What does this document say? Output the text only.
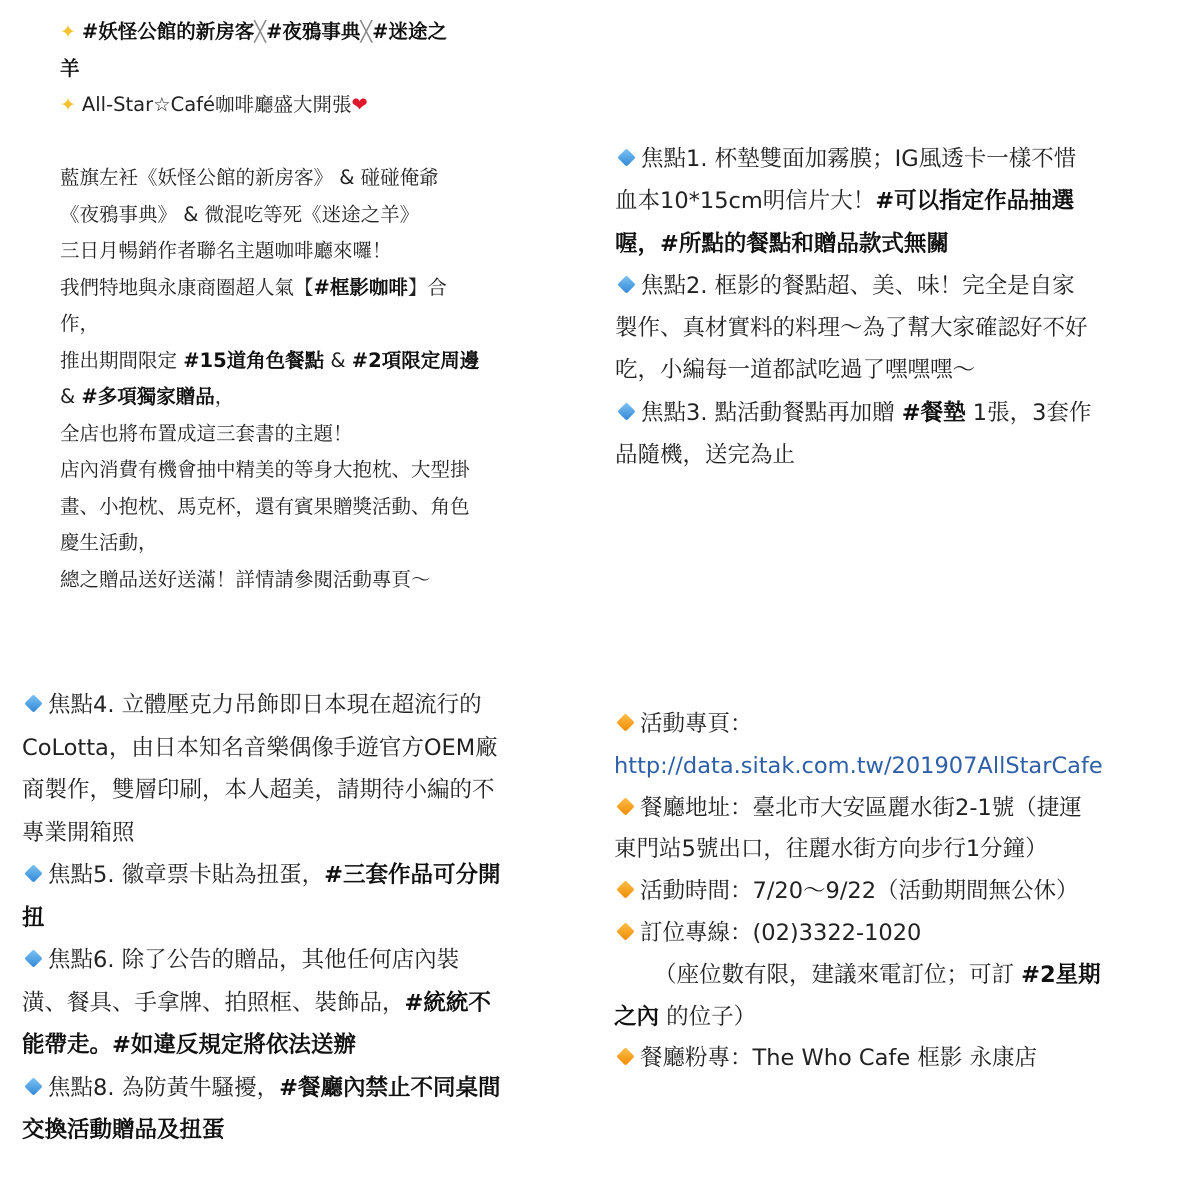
✦ #妖怪公館的新房客╳#夜鴉事典╳#迷途之
羊
✦ All-Star☆Café咖啡廳盛大開張❤

藍旗左衽《妖怪公館的新房客》 & 碰碰俺爺
《夜鴉事典》 & 微混吃等死《迷途之羊》
三日月暢銷作者聯名主題咖啡廳來囉！
我們特地與永康商圈超人氣【#框影咖啡】合
作，
推出期間限定 #15道角色餐點 & #2項限定周邊
& #多項獨家贈品，
全店也將布置成這三套書的主題！
店內消費有機會抽中精美的等身大抱枕、大型掛
畫、小抱枕、馬克杯，還有賓果贈獎活動、角色
慶生活動，
總之贈品送好送滿！詳情請參閱活動專頁～
焦點1. 杯墊雙面加霧膜；IG風透卡一樣不惜
血本10*15cm明信片大！#可以指定作品抽選
喔，#所點的餐點和贈品款式無關
焦點2. 框影的餐點超、美、味！完全是自家
製作、真材實料的料理～為了幫大家確認好不好
吃，小編每一道都試吃過了嘿嘿嘿～
焦點3. 點活動餐點再加贈 #餐墊 1張，3套作
品隨機，送完為止
焦點4. 立體壓克力吊飾即日本現在超流行的
CoLotta，由日本知名音樂偶像手遊官方OEM廠
商製作，雙層印刷，本人超美，請期待小編的不
專業開箱照
焦點5. 徽章票卡貼為扭蛋，#三套作品可分開
扭
焦點6. 除了公告的贈品，其他任何店內裝
潢、餐具、手拿牌、拍照框、裝飾品，#統統不
能帶走。#如違反規定將依法送辦
焦點8. 為防黃牛騷擾，#餐廳內禁止不同桌間
交換活動贈品及扭蛋
活動專頁：
http://data.sitak.com.tw/201907AllStarCafe
餐廳地址：臺北市大安區麗水街2-1號（捷運
東門站5號出口，往麗水街方向步行1分鐘）
活動時間：7/20～9/22（活動期間無公休）
訂位專線：(02)3322-1020
（座位數有限，建議來電訂位；可訂 #2星期
之內 的位子）
餐廳粉專：The Who Cafe 框影 永康店
